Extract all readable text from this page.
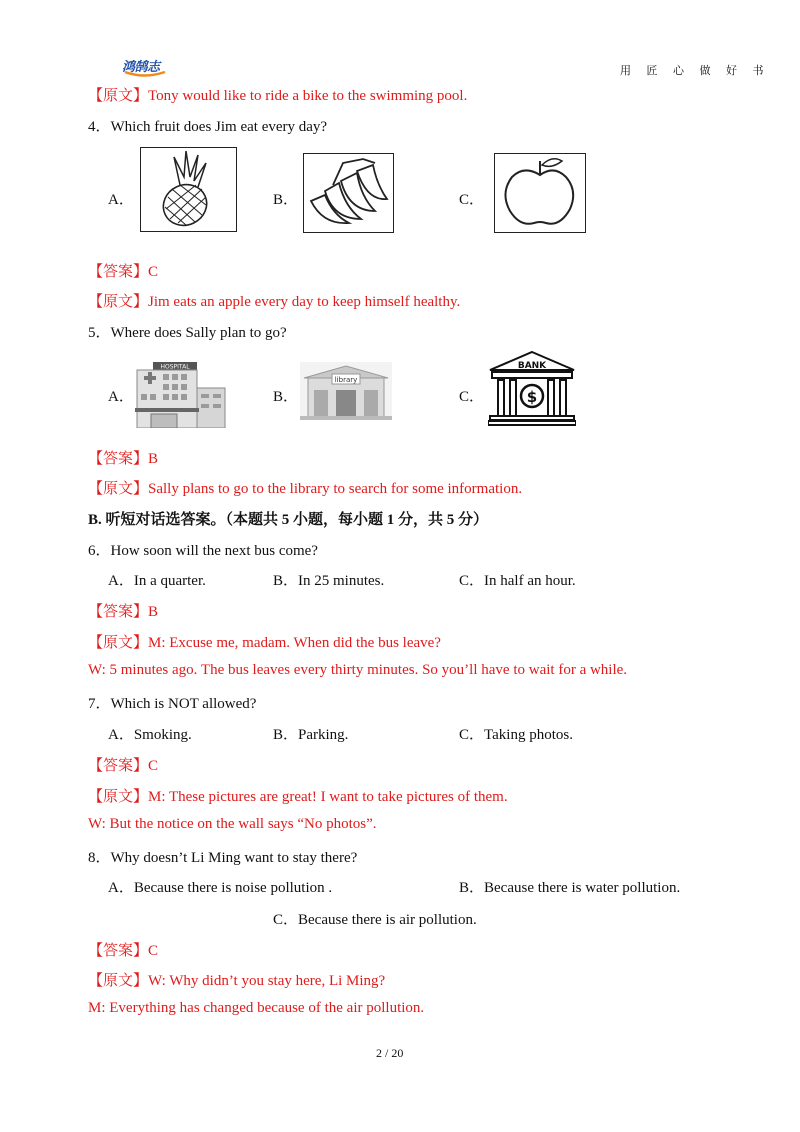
鸿鹄志	用 匠 心 做 好 书
【原文】Tony would like to ride a bike to the swimming pool.
4．Which fruit does Jim eat every day?
A．	B．	C．
【答案】C
【原文】Jim eats an apple every day to keep himself healthy.
5．Where does Sally plan to go?
A．	B．	C．
HOSPITAL
library
BANK
$
【答案】B
【原文】Sally plans to go to the library to search for some information.
B. 听短对话选答案。（本题共 5 小题，每小题 1 分，共 5 分）
6．How soon will the next bus come?
A．In a quarter.	B．In 25 minutes.	C．In half an hour.
【答案】B
【原文】M: Excuse me, madam. When did the bus leave?
W: 5 minutes ago. The bus leaves every thirty minutes. So you’ll have to wait for a while.
7．Which is NOT allowed?
A．Smoking.	B．Parking.	C．Taking photos.
【答案】C
【原文】M: These pictures are great! I want to take pictures of them.
W: But the notice on the wall says “No photos”.
8．Why doesn’t Li Ming want to stay there?
A．Because there is noise pollution .	B．Because there is water pollution.
C．Because there is air pollution.
【答案】C
【原文】W: Why didn’t you stay here, Li Ming?
M: Everything has changed because of the air pollution.
2 / 20
